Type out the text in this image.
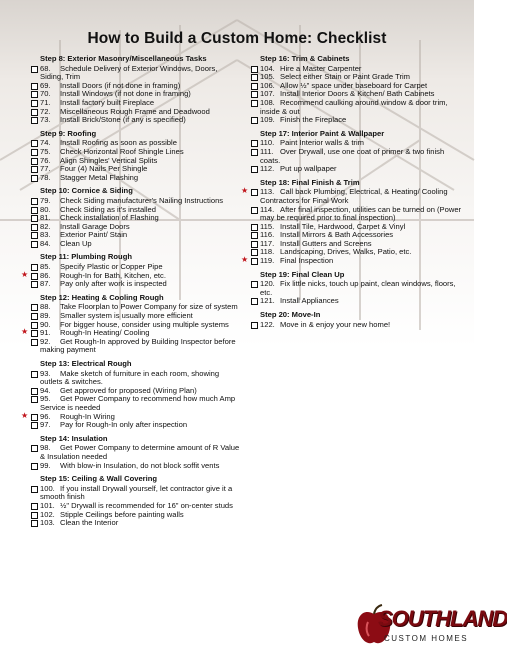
How to Build a Custom Home: Checklist
Step 8: Exterior Masonry/Miscellaneous Tasks
68. Schedule Delivery of Exterior Windows, Doors, Siding, Trim
69. Install Doors (if not done in framing)
70. Install Windows (if not done in framing)
71. Install factory built Fireplace
72. Miscellaneous Rough Frame and Deadwood
73. Install Brick/Stone (if any is specified)
Step 9: Roofing
74. Install Roofing as soon as possible
75. Check Horizontal Roof Shingle Lines
76. Align Shingles' Vertical Splits
77. Four (4) Nails Per Shingle
78. Stagger Metal Flashing
Step 10: Cornice & Siding
79. Check Siding manufacturer's Nailing Instructions
80. Check Siding as it's installed
81. Check installation of Flashing
82. Install Garage Doors
83. Exterior Paint/ Stain
84. Clean Up
Step 11: Plumbing Rough
85. Specify Plastic or Copper Pipe
★ 86. Rough-In for Bath, Kitchen, etc.
87. Pay only after work is inspected
Step 12: Heating & Cooling Rough
88. Take Floorplan to Power Company for size of system
89. Smaller system is usually more efficient
90. For bigger house, consider using multiple systems
★ 91. Rough-In Heating/ Cooling
92. Get Rough-In approved by Building Inspector before making payment
Step 13: Electrical Rough
93. Make sketch of furniture in each room, showing outlets & switches.
94. Get approved for proposed (Wiring Plan)
95. Get Power Company to recommend how much Amp Service is needed
★ 96. Rough-In Wiring
97. Pay for Rough-In only after inspection
Step 14: Insulation
98. Get Power Company to determine amount of R Value & Insulation needed
99. With blow-in Insulation, do not block soffit vents
Step 15: Ceiling & Wall Covering
100. If you install Drywall yourself, let contractor give it a smooth finish
101. ½" Drywall is recommended for 16" on-center studs
102. Stipple Ceilings before painting walls
103. Clean the Interior
Step 16: Trim & Cabinets
104. Hire a Master Carpenter
105. Select either Stain or Paint Grade Trim
106. Allow ½" space under baseboard for Carpet
107. Install Interior Doors & Kitchen/ Bath Cabinets
108. Recommend caulking around window & door trim, inside & out
109. Finish the Fireplace
Step 17: Interior Paint & Wallpaper
110. Paint Interior walls & trim
111. Over Drywall, use one coat of primer & two finish coats.
112. Put up wallpaper
Step 18: Final Finish & Trim
★ 113. Call back Plumbing, Electrical, & Heating/ Cooling Contractors for Final Work
114. After final inspection, utilities can be turned on (Power may be required prior to final inspection)
115. Install Tile, Hardwood, Carpet & Vinyl
116. Install Mirrors & Bath Accessories
117. Install Gutters and Screens
118. Landscaping, Drives, Walks, Patio, etc.
★ 119. Final Inspection
Step 19: Final Clean Up
120. Fix little nicks, touch up paint, clean windows, floors, etc.
121. Install Appliances
Step 20: Move-In
122. Move in & enjoy your new home!
SOUTHLAND
CUSTOM HOMES
